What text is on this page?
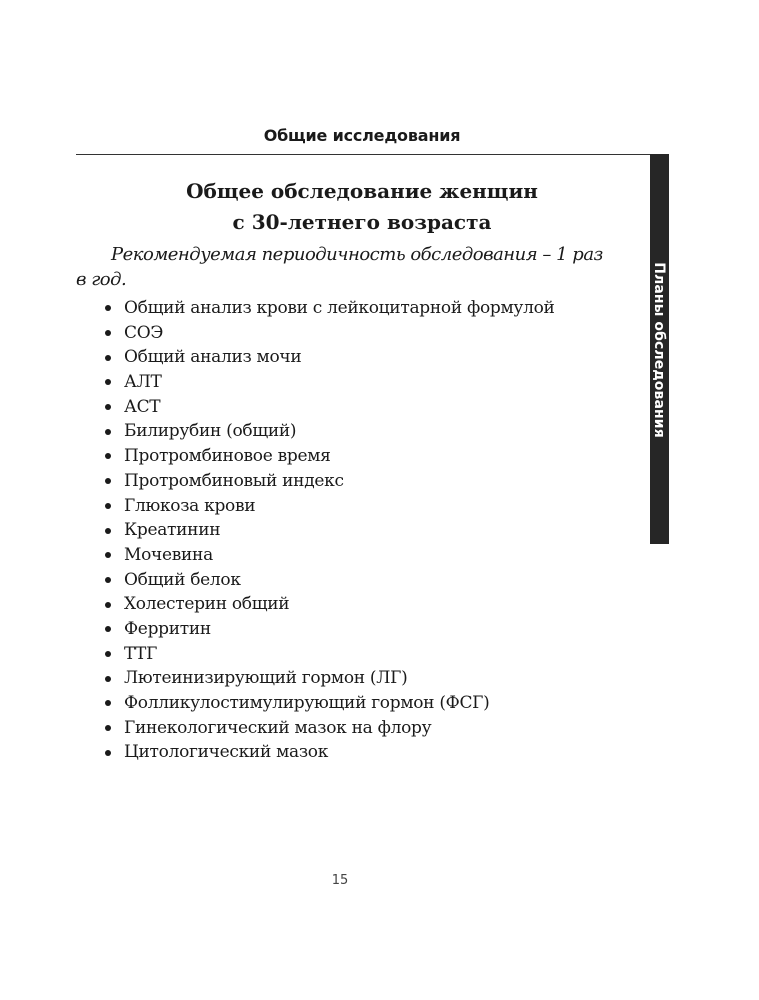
Общие исследования
Планы обследования
Общее обследование женщин
с 30-летнего возраста

Рекомендуемая периодичность обследования – 1 раз в год.

Общий анализ крови с лейкоцитарной формулой
СОЭ
Общий анализ мочи
АЛТ
АСТ
Билирубин (общий)
Протромбиновое время
Протромбиновый индекс
Глюкоза крови
Креатинин
Мочевина
Общий белок
Холестерин общий
Ферритин
ТТГ
Лютеинизирующий гормон (ЛГ)
Фолликулостимулирующий гормон (ФСГ)
Гинекологический мазок на флору
Цитологический мазок
15
